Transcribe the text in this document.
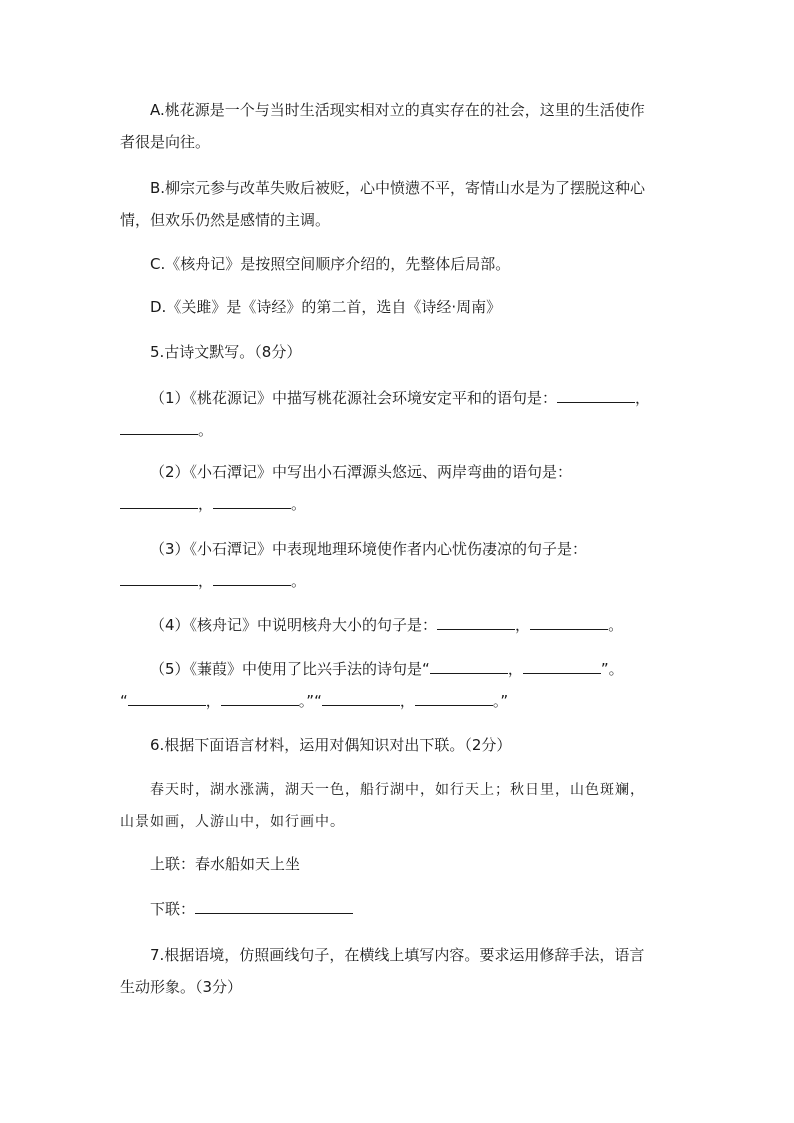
A.桃花源是一个与当时生活现实相对立的真实存在的社会，这里的生活使作
者很是向往。
B.柳宗元参与改革失败后被贬，心中愤懑不平，寄情山水是为了摆脱这种心
情，但欢乐仍然是感情的主调。
C.《核舟记》是按照空间顺序介绍的，先整体后局部。
D.《关雎》是《诗经》的第二首，选自《诗经·周南》
5.古诗文默写。（8分）
（1）《桃花源记》中描写桃花源社会环境安定平和的语句是：	，
。
（2）《小石潭记》中写出小石潭源头悠远、两岸弯曲的语句是：
，	。
（3）《小石潭记》中表现地理环境使作者内心忧伤凄凉的句子是：
，	。
（4）《核舟记》中说明核舟大小的句子是：	，	。
（5）《蒹葭》中使用了比兴手法的诗句是“	，	”。
“	，	。”“	，	。”
6.根据下面语言材料，运用对偶知识对出下联。（2分）
春天时，湖水涨满，湖天一色，船行湖中，如行天上；秋日里，山色斑斓，
山景如画，人游山中，如行画中。
上联：春水船如天上坐
下联：
7.根据语境，仿照画线句子，在横线上填写内容。要求运用修辞手法，语言
生动形象。（3分）
